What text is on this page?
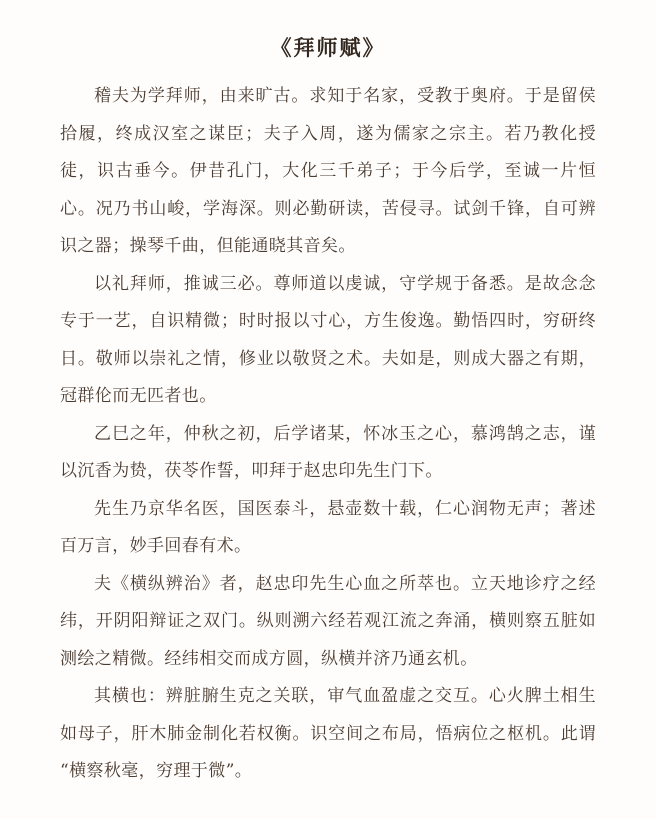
《拜师赋》

稽夫为学拜师，由来旷古。求知于名家，受教于奥府。于是留侯拾履，终成汉室之谋臣；夫子入周，遂为儒家之宗主。若乃教化授徒，识古垂今。伊昔孔门，大化三千弟子；于今后学，至诚一片恒心。况乃书山峻，学海深。则必勤研读，苦侵寻。试剑千锋，自可辨识之器；操琴千曲，但能通晓其音矣。

以礼拜师，推诚三必。尊师道以虔诚，守学规于备悉。是故念念专于一艺，自识精微；时时报以寸心，方生俊逸。勤悟四时，穷研终日。敬师以崇礼之情，修业以敬贤之术。夫如是，则成大器之有期，冠群伦而无匹者也。

乙巳之年，仲秋之初，后学诸某，怀冰玉之心，慕鸿鹄之志，谨以沉香为贽，茯苓作誓，叩拜于赵忠印先生门下。

先生乃京华名医，国医泰斗，悬壶数十载，仁心润物无声；著述百万言，妙手回春有术。

夫《横纵辨治》者，赵忠印先生心血之所萃也。立天地诊疗之经纬，开阴阳辩证之双门。纵则溯六经若观江流之奔涌，横则察五脏如测绘之精微。经纬相交而成方圆，纵横并济乃通玄机。

其横也：辨脏腑生克之关联，审气血盈虚之交互。心火脾土相生如母子，肝木肺金制化若权衡。识空间之布局，悟病位之枢机。此谓“横察秋毫，穷理于微”。
